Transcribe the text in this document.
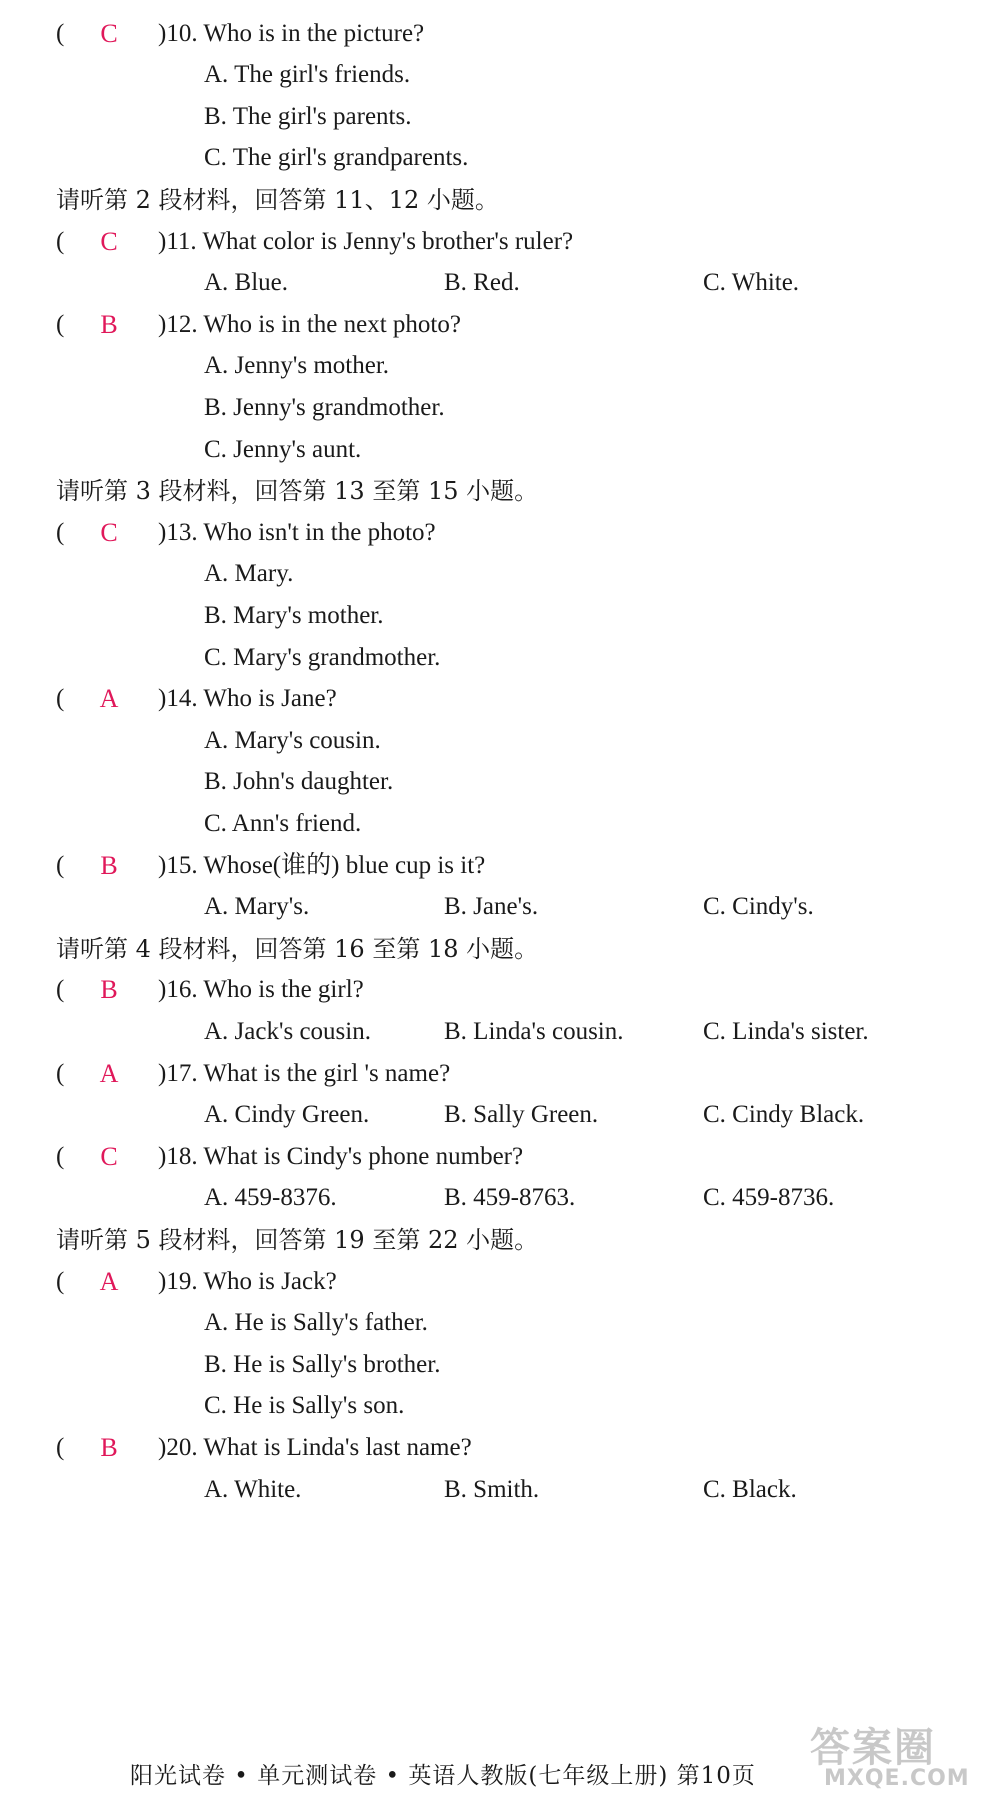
( C )10. Who is in the picture?
A. The girl's friends.
B. The girl's parents.
C. The girl's grandparents.
请听第 2 段材料，回答第 11、12 小题。
( C )11. What color is Jenny's brother's ruler?
A. Blue.	B. Red.	C. White.
( B )12. Who is in the next photo?
A. Jenny's mother.
B. Jenny's grandmother.
C. Jenny's aunt.
请听第 3 段材料，回答第 13 至第 15 小题。
( C )13. Who isn't in the photo?
A. Mary.
B. Mary's mother.
C. Mary's grandmother.
( A )14. Who is Jane?
A. Mary's cousin.
B. John's daughter.
C. Ann's friend.
( B )15. Whose(谁的) blue cup is it?
A. Mary's.	B. Jane's.	C. Cindy's.
请听第 4 段材料，回答第 16 至第 18 小题。
( B )16. Who is the girl?
A. Jack's cousin.	B. Linda's cousin.	C. Linda's sister.
( A )17. What is the girl 's name?
A. Cindy Green.	B. Sally Green.	C. Cindy Black.
( C )18. What is Cindy's phone number?
A. 459-8376.	B. 459-8763.	C. 459-8736.
请听第 5 段材料，回答第 19 至第 22 小题。
( A )19. Who is Jack?
A. He is Sally's father.
B. He is Sally's brother.
C. He is Sally's son.
( B )20. What is Linda's last name?
A. White.	B. Smith.	C. Black.
阳光试卷 • 单元测试卷 • 英语人教版(七年级上册) 第10页
答案圈
MXQE.COM
